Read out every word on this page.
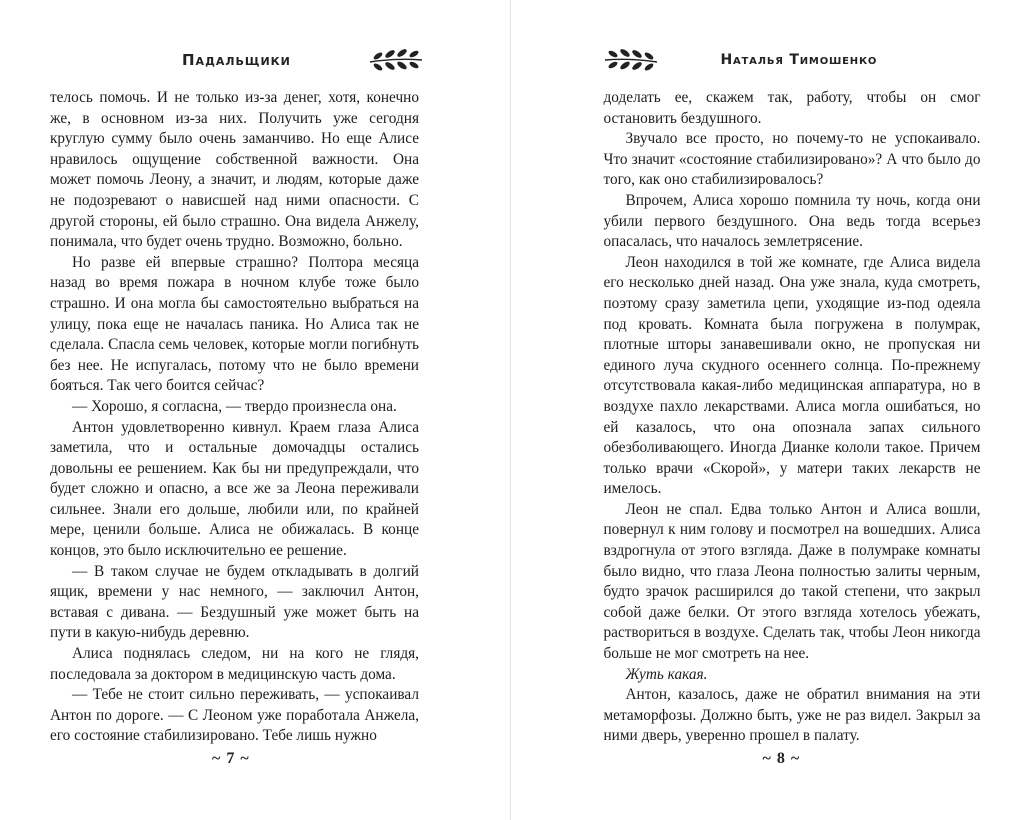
Падальщики

телось помочь. И не только из-за денег, хотя, конечно же, в основном из-за них. Получить уже сегодня круглую сумму было очень заманчиво. Но еще Алисе нравилось ощущение собственной важности. Она может помочь Леону, а значит, и людям, которые даже не подозревают о нависшей над ними опасности. С другой стороны, ей было страшно. Она видела Анжелу, понимала, что будет очень трудно. Возможно, больно.

Но разве ей впервые страшно? Полтора месяца назад во время пожара в ночном клубе тоже было страшно. И она могла бы самостоятельно выбраться на улицу, пока еще не началась паника. Но Алиса так не сделала. Спасла семь человек, которые могли погибнуть без нее. Не испугалась, потому что не было времени бояться. Так чего боится сейчас?

— Хорошо, я согласна, — твердо произнесла она.

Антон удовлетворенно кивнул. Краем глаза Алиса заметила, что и остальные домочадцы остались довольны ее решением. Как бы ни предупреждали, что будет сложно и опасно, а все же за Леона переживали сильнее. Знали его дольше, любили или, по крайней мере, ценили больше. Алиса не обижалась. В конце концов, это было исключительно ее решение.

— В таком случае не будем откладывать в долгий ящик, времени у нас немного, — заключил Антон, вставая с дивана. — Бездушный уже может быть на пути в какую-нибудь деревню.

Алиса поднялась следом, ни на кого не глядя, последовала за доктором в медицинскую часть дома.

— Тебе не стоит сильно переживать, — успокаивал Антон по дороге. — С Леоном уже поработала Анжела, его состояние стабилизировано. Тебе лишь нужно

~ 7 ~
Наталья Тимошенко

доделать ее, скажем так, работу, чтобы он смог остановить бездушного.

Звучало все просто, но почему-то не успокаивало. Что значит «состояние стабилизировано»? А что было до того, как оно стабилизировалось?

Впрочем, Алиса хорошо помнила ту ночь, когда они убили первого бездушного. Она ведь тогда всерьез опасалась, что началось землетрясение.

Леон находился в той же комнате, где Алиса видела его несколько дней назад. Она уже знала, куда смотреть, поэтому сразу заметила цепи, уходящие из-под одеяла под кровать. Комната была погружена в полумрак, плотные шторы занавешивали окно, не пропуская ни единого луча скудного осеннего солнца. По-прежнему отсутствовала какая-либо медицинская аппаратура, но в воздухе пахло лекарствами. Алиса могла ошибаться, но ей казалось, что она опознала запах сильного обезболивающего. Иногда Дианке кололи такое. Причем только врачи «Скорой», у матери таких лекарств не имелось.

Леон не спал. Едва только Антон и Алиса вошли, повернул к ним голову и посмотрел на вошедших. Алиса вздрогнула от этого взгляда. Даже в полумраке комнаты было видно, что глаза Леона полностью залиты черным, будто зрачок расширился до такой степени, что закрыл собой даже белки. От этого взгляда хотелось убежать, раствориться в воздухе. Сделать так, чтобы Леон никогда больше не мог смотреть на нее.

Жуть какая.

Антон, казалось, даже не обратил внимания на эти метаморфозы. Должно быть, уже не раз видел. Закрыл за ними дверь, уверенно прошел в палату.

~ 8 ~
